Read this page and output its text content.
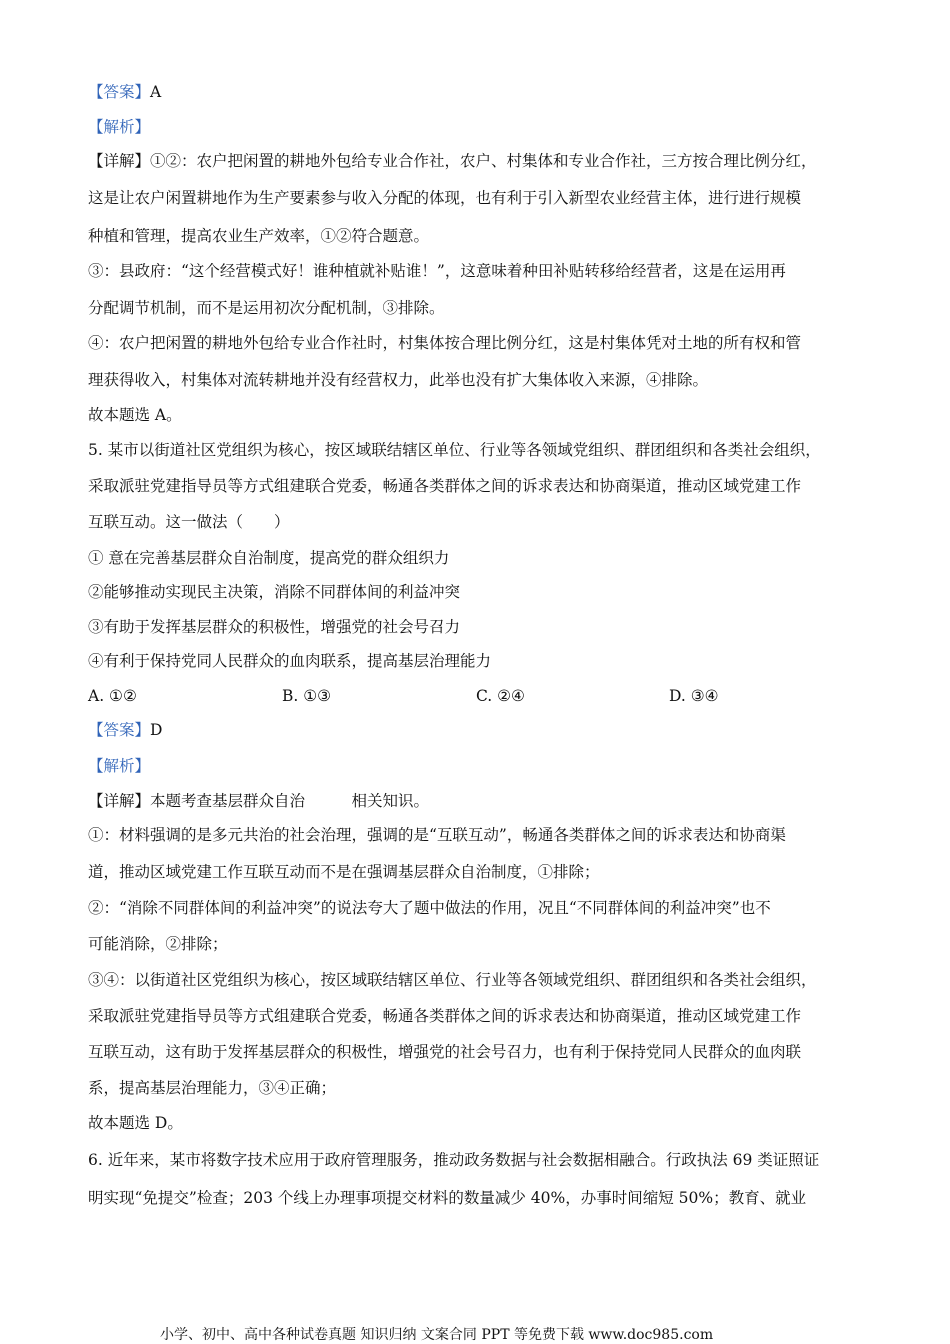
【答案】A
【解析】
【详解】①②：农户把闲置的耕地外包给专业合作社，农户、村集体和专业合作社，三方按合理比例分红，
这是让农户闲置耕地作为生产要素参与收入分配的体现，也有利于引入新型农业经营主体，进行进行规模
种植和管理，提高农业生产效率，①②符合题意。
③：县政府：“这个经营模式好！谁种植就补贴谁！”，这意味着种田补贴转移给经营者，这是在运用再
分配调节机制，而不是运用初次分配机制，③排除。
④：农户把闲置的耕地外包给专业合作社时，村集体按合理比例分红，这是村集体凭对土地的所有权和管
理获得收入，村集体对流转耕地并没有经营权力，此举也没有扩大集体收入来源，④排除。
故本题选 A。
5. 某市以街道社区党组织为核心，按区域联结辖区单位、行业等各领域党组织、群团组织和各类社会组织，
采取派驻党建指导员等方式组建联合党委，畅通各类群体之间的诉求表达和协商渠道，推动区域党建工作
互联互动。这一做法（　　）
① 意在完善基层群众自治制度，提高党的群众组织力
②能够推动实现民主决策，消除不同群体间的利益冲突
③有助于发挥基层群众的积极性，增强党的社会号召力
④有利于保持党同人民群众的血肉联系，提高基层治理能力
A. ①②	B. ①③	C. ②④	D. ③④
【答案】D
【解析】
【详解】本题考查基层群众自治　　　相关知识。
①：材料强调的是多元共治的社会治理，强调的是“互联互动”，畅通各类群体之间的诉求表达和协商渠
道，推动区域党建工作互联互动而不是在强调基层群众自治制度，①排除；
②：“消除不同群体间的利益冲突”的说法夸大了题中做法的作用，况且“不同群体间的利益冲突”也不
可能消除，②排除；
③④：以街道社区党组织为核心，按区域联结辖区单位、行业等各领域党组织、群团组织和各类社会组织，
采取派驻党建指导员等方式组建联合党委，畅通各类群体之间的诉求表达和协商渠道，推动区域党建工作
互联互动，这有助于发挥基层群众的积极性，增强党的社会号召力，也有利于保持党同人民群众的血肉联
系，提高基层治理能力，③④正确；
故本题选 D。
6. 近年来，某市将数字技术应用于政府管理服务，推动政务数据与社会数据相融合。行政执法 69 类证照证
明实现“免提交”检查；203 个线上办理事项提交材料的数量减少 40%，办事时间缩短 50%；教育、就业
小学、初中、高中各种试卷真题 知识归纳 文案合同 PPT 等免费下载 www.doc985.com
